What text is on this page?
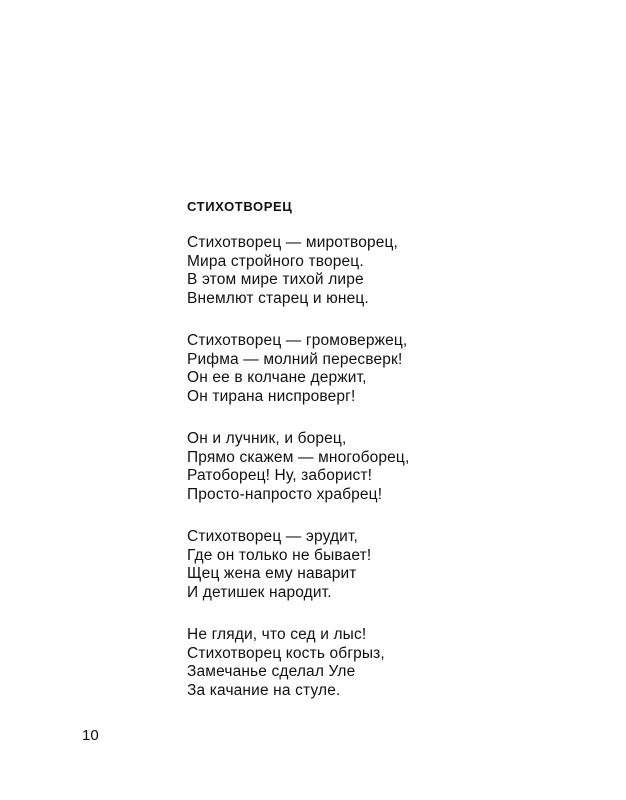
СТИХОТВОРЕЦ
Стихотворец — миротворец,
Мира стройного творец.
В этом мире тихой лире
Внемлют старец и юнец.
Стихотворец — громовержец,
Рифма — молний пересверк!
Он ее в колчане держит,
Он тирана ниспроверг!
Он и лучник, и борец,
Прямо скажем — многоборец,
Ратоборец! Ну, заборист!
Просто-напросто храбрец!
Стихотворец — эрудит,
Где он только не бывает!
Щец жена ему наварит
И детишек народит.
Не гляди, что сед и лыс!
Стихотворец кость обгрыз,
Замечанье сделал Уле
За качание на стуле.
10
